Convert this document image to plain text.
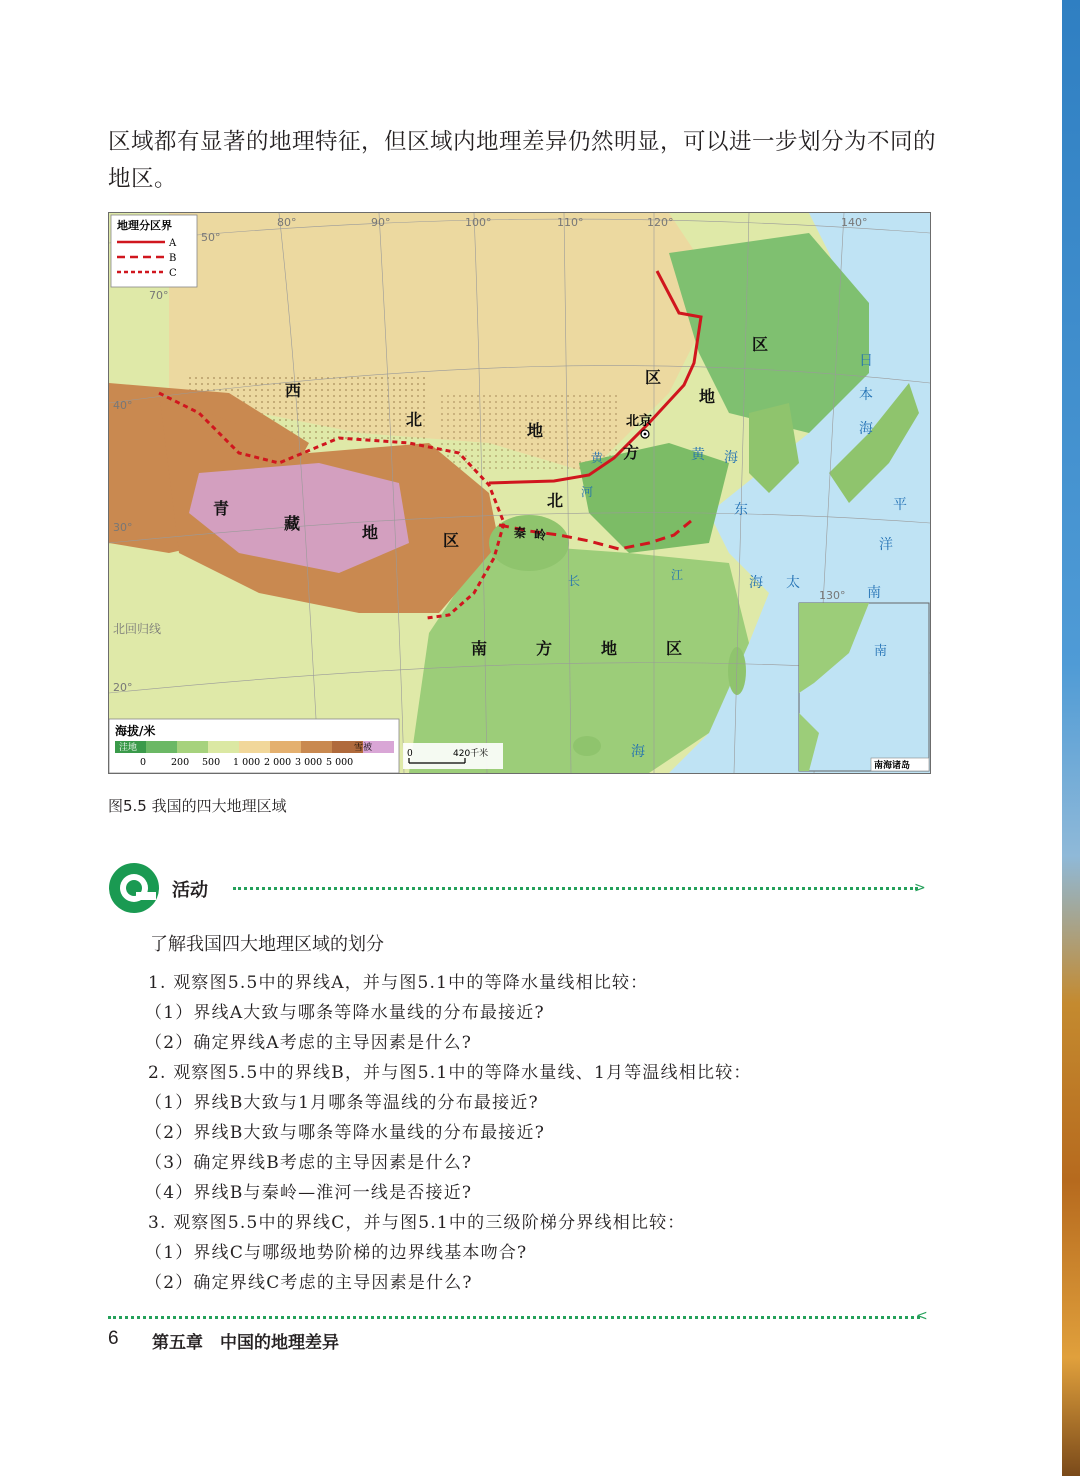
区域都有显著的地理特征，但区域内地理差异仍然明显，可以进一步划分为不同的地区。

北京
西
北
地
区
北
方
地
区
青
藏	地	区
南	方	地	区
日
本
海
黄 海
东
海 太
平
洋
南
海
秦 岭
长	江
黄
河
80°	90°	100°	110°	120°
130°
140°
50°
40°
30°
20°
70°
北回归线
地理分区界
A
B
C
海拔/米
洼地	雪被
0	200 500 1 000 2 000 3 000 5 000
0	420千米
南
南海诸岛
图5.5 我国的四大地理区域
活动	>

了解我国四大地理区域的划分

1. 观察图5.5中的界线A，并与图5.1中的等降水量线相比较：
（1）界线A大致与哪条等降水量线的分布最接近?
（2）确定界线A考虑的主导因素是什么?
2. 观察图5.5中的界线B，并与图5.1中的等降水量线、1月等温线相比较：
（1）界线B大致与1月哪条等温线的分布最接近?
（2）界线B大致与哪条等降水量线的分布最接近?
（3）确定界线B考虑的主导因素是什么?
（4）界线B与秦岭—淮河一线是否接近?
3. 观察图5.5中的界线C，并与图5.1中的三级阶梯分界线相比较：
（1）界线C与哪级地势阶梯的边界线基本吻合?
（2）确定界线C考虑的主导因素是什么?
<
6 第五章　中国的地理差异
